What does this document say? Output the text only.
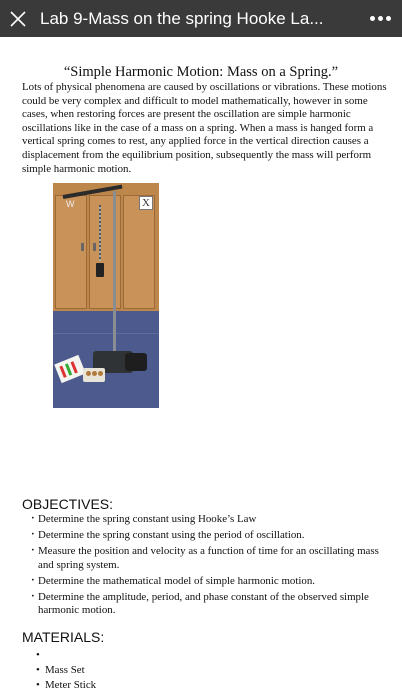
Lab 9-Mass on the spring Hooke La...
“Simple Harmonic Motion: Mass on a Spring.”

Lots of physical phenomena are caused by oscillations or vibrations. These motions could be very complex and difficult to model mathematically, however in some cases, when restoring forces are present the oscillation are simple harmonic oscillations like in the case of a mass on a spring. When a mass is hanged form a vertical spring comes to rest, any applied force in the vertical direction causes a displacement from the equilibrium position, subsequently the mass will perform simple harmonic motion.

W	X
OBJECTIVES:
· Determine the spring constant using Hooke’s Law
· Determine the spring constant using the period of oscillation.
· Measure the position and velocity as a function of time for an oscillating mass and spring system.
· Determine the mathematical model of simple harmonic motion.
· Determine the amplitude, period, and phase constant of the observed simple harmonic motion.
MATERIALS:
•
• Mass Set
• Meter Stick
